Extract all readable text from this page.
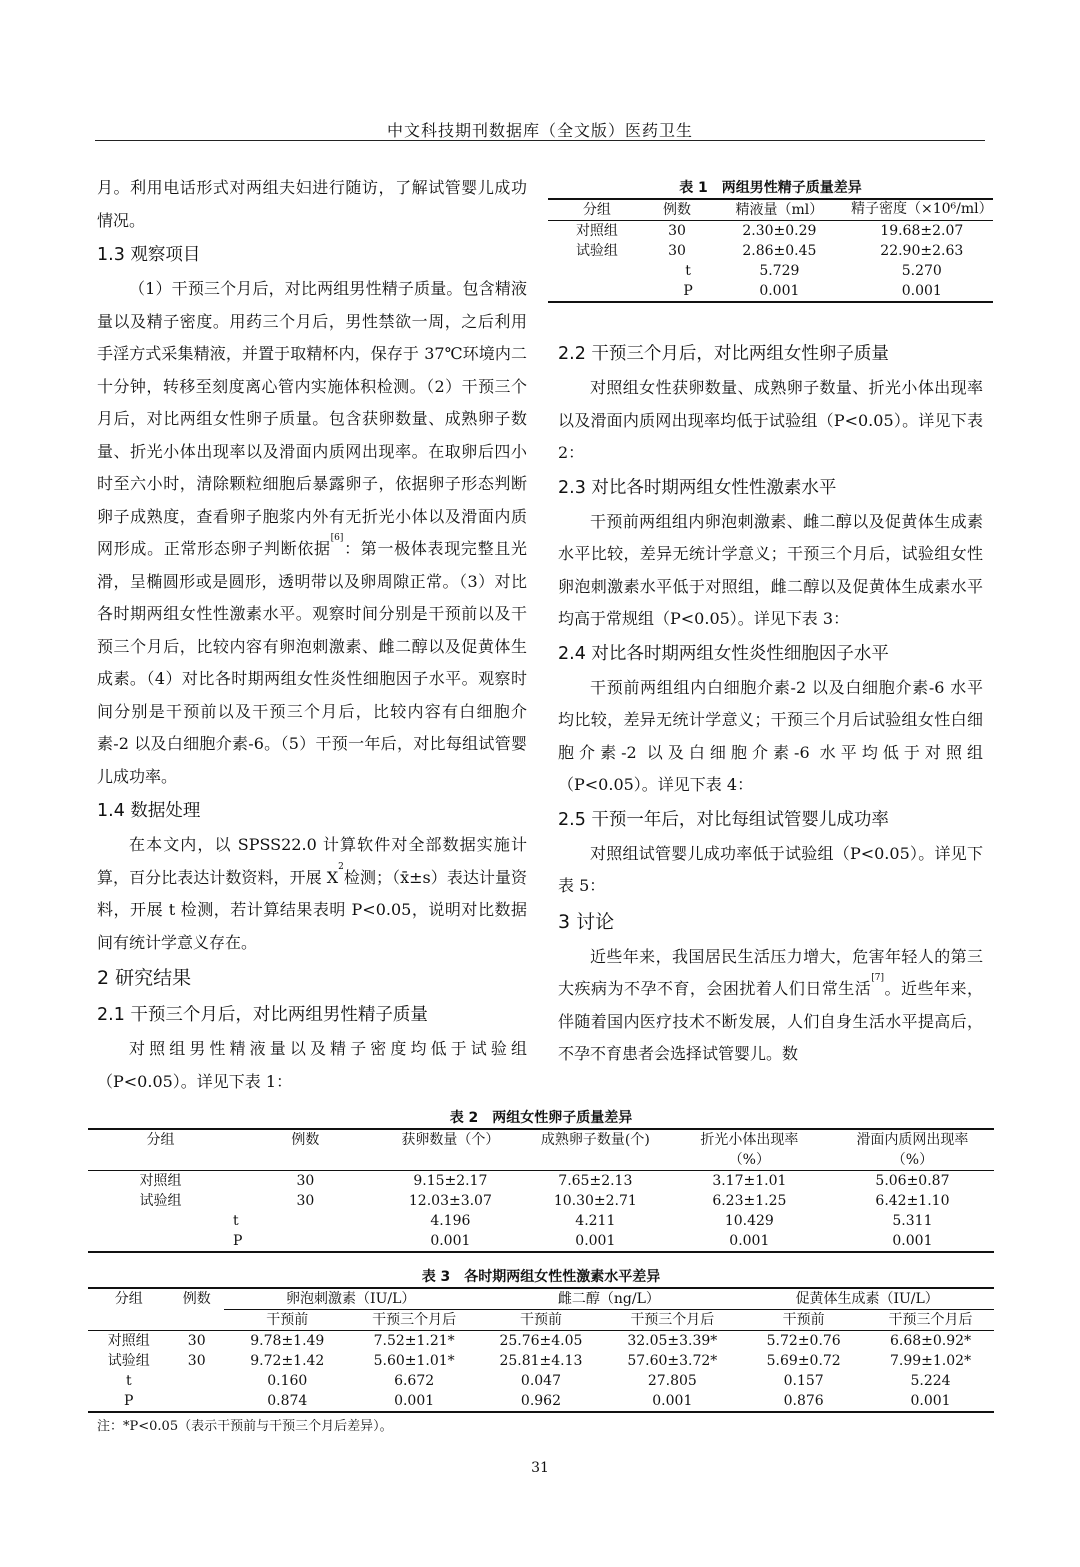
中文科技期刊数据库（全文版）医药卫生

月。利用电话形式对两组夫妇进行随访，了解试管婴儿成功情况。

1.3 观察项目

（1）干预三个月后，对比两组男性精子质量。包含精液量以及精子密度。用药三个月后，男性禁欲一周，之后利用手淫方式采集精液，并置于取精杯内，保存于 37℃环境内二十分钟，转移至刻度离心管内实施体积检测。（2）干预三个月后，对比两组女性卵子质量。包含获卵数量、成熟卵子数量、折光小体出现率以及滑面内质网出现率。在取卵后四小时至六小时，清除颗粒细胞后暴露卵子，依据卵子形态判断卵子成熟度，查看卵子胞浆内外有无折光小体以及滑面内质网形成。正常形态卵子判断依据[6]：第一极体表现完整且光滑，呈椭圆形或是圆形，透明带以及卵周隙正常。（3）对比各时期两组女性性激素水平。观察时间分别是干预前以及干预三个月后，比较内容有卵泡刺激素、雌二醇以及促黄体生成素。（4）对比各时期两组女性炎性细胞因子水平。观察时间分别是干预前以及干预三个月后，比较内容有白细胞介素-2 以及白细胞介素-6。（5）干预一年后，对比每组试管婴儿成功率。

1.4 数据处理

在本文内，以 SPSS22.0 计算软件对全部数据实施计算，百分比表达计数资料，开展 $X^2$检测；（x̄±s）表达计量资料，开展 t 检测，若计算结果表明 P<0.05，说明对比数据间有统计学意义存在。

2 研究结果
2.1 干预三个月后，对比两组男性精子质量

对照组男性精液量以及精子密度均低于试验组（P<0.05）。详见下表 1：

表 1　两组男性精子质量差异
分组	例数	精液量（ml）	精子密度（×10⁶/ml）
对照组	30	2.30±0.29	19.68±2.07
试验组	30	2.86±0.45	22.90±2.63
t		5.729	5.270
P		0.001	0.001
2.2 干预三个月后，对比两组女性卵子质量

对照组女性获卵数量、成熟卵子数量、折光小体出现率以及滑面内质网出现率均低于试验组（P<0.05）。详见下表 2：

2.3 对比各时期两组女性性激素水平

干预前两组组内卵泡刺激素、雌二醇以及促黄体生成素水平比较，差异无统计学意义；干预三个月后，试验组女性卵泡刺激素水平低于对照组，雌二醇以及促黄体生成素水平均高于常规组（P<0.05）。详见下表 3：

2.4 对比各时期两组女性炎性细胞因子水平

干预前两组组内白细胞介素-2 以及白细胞介素-6 水平均比较，差异无统计学意义；干预三个月后试验组女性白细胞介素-2 以及白细胞介素-6 水平均低于对照组（P<0.05）。详见下表 4：

2.5 干预一年后，对比每组试管婴儿成功率

对照组试管婴儿成功率低于试验组（P<0.05）。详见下表 5：

3 讨论

近些年来，我国居民生活压力增大，危害年轻人的第三大疾病为不孕不育，会困扰着人们日常生活[7]。近些年来，伴随着国内医疗技术不断发展，人们自身生活水平提高后，不孕不育患者会选择试管婴儿。数

表 2　两组女性卵子质量差异
分组	例数	获卵数量（个）	成熟卵子数量(个)	折光小体出现率（%）	滑面内质网出现率（%）
对照组	30	9.15±2.17	7.65±2.13	3.17±1.01	5.06±0.87
试验组	30	12.03±3.07	10.30±2.71	6.23±1.25	6.42±1.10
t		4.196	4.211	10.429	5.311
P		0.001	0.001	0.001	0.001
表 3　各时期两组女性性激素水平差异
分组	例数	卵泡刺激素（IU/L）		雌二醇（ng/L）		促黄体生成素（IU/L）	
		干预前	干预三个月后	干预前	干预三个月后	干预前	干预三个月后
对照组	30	9.78±1.49	7.52±1.21*	25.76±4.05	32.05±3.39*	5.72±0.76	6.68±0.92*
试验组	30	9.72±1.42	5.60±1.01*	25.81±4.13	57.60±3.72*	5.69±0.72	7.99±1.02*
t		0.160	6.672	0.047	27.805	0.157	5.224
P		0.874	0.001	0.962	0.001	0.876	0.001
注：*P<0.05（表示干预前与干预三个月后差异）。
31
